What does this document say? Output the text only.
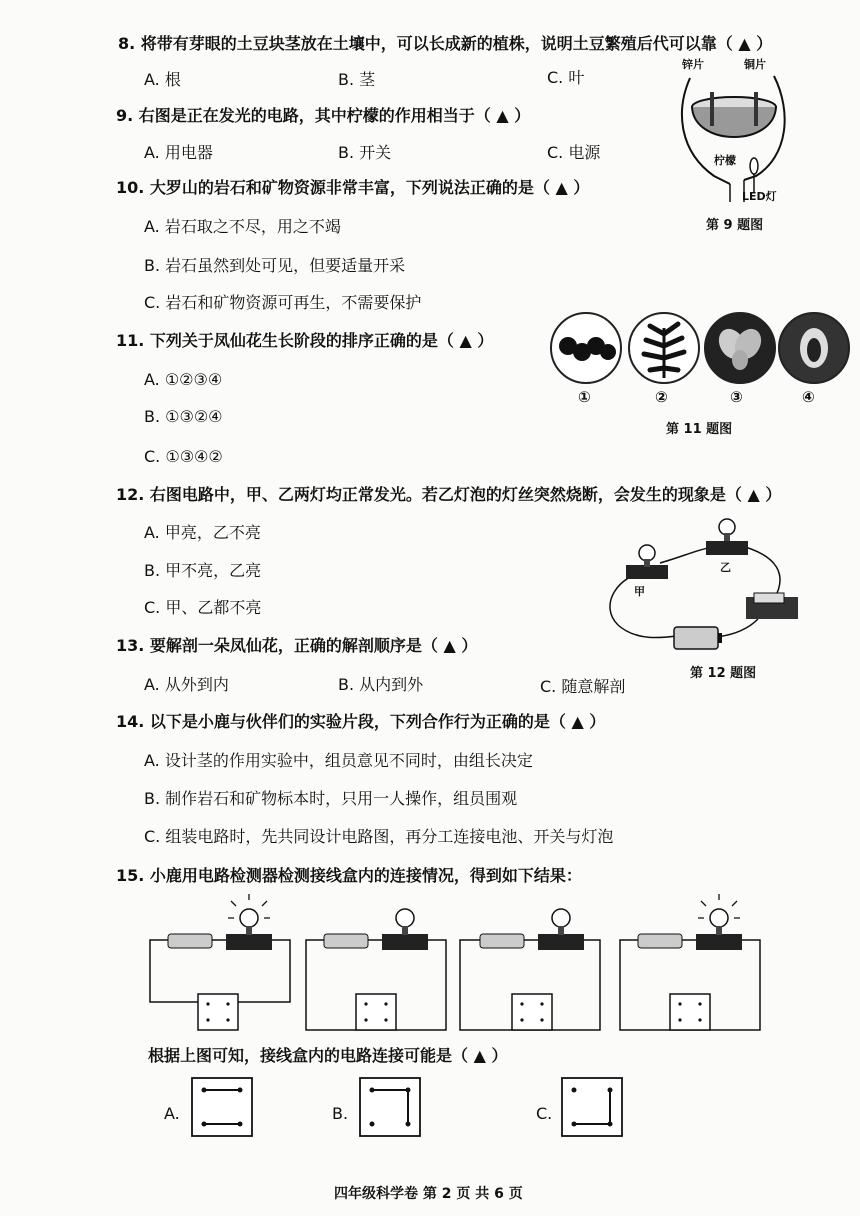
8. 将带有芽眼的土豆块茎放在土壤中，可以长成新的植株，说明土豆繁殖后代可以靠（ ▲ ）
A. 根	B. 茎	C. 叶
9. 右图是正在发光的电路，其中柠檬的作用相当于（ ▲ ）
A. 用电器	B. 开关	C. 电源
锌片	铜片
柠檬
LED灯
第 9 题图
10. 大罗山的岩石和矿物资源非常丰富，下列说法正确的是（ ▲ ）
A. 岩石取之不尽，用之不竭
B. 岩石虽然到处可见，但要适量开采
C. 岩石和矿物资源可再生，不需要保护
11. 下列关于凤仙花生长阶段的排序正确的是（ ▲ ）
A. ①②③④
B. ①③②④
C. ①③④②
①	②	③	④
第 11 题图
12. 右图电路中，甲、乙两灯均正常发光。若乙灯泡的灯丝突然烧断，会发生的现象是（ ▲ ）
A. 甲亮，乙不亮
B. 甲不亮，乙亮
C. 甲、乙都不亮
甲
乙
第 12 题图
13. 要解剖一朵凤仙花，正确的解剖顺序是（ ▲ ）
A. 从外到内	B. 从内到外	C. 随意解剖
14. 以下是小鹿与伙伴们的实验片段，下列合作行为正确的是（ ▲ ）
A. 设计茎的作用实验中，组员意见不同时，由组长决定
B. 制作岩石和矿物标本时，只用一人操作，组员围观
C. 组装电路时，先共同设计电路图，再分工连接电池、开关与灯泡
15. 小鹿用电路检测器检测接线盒内的连接情况，得到如下结果：
根据上图可知，接线盒内的电路连接可能是（ ▲ ）
A.	B.	C.
四年级科学卷 第 2 页 共 6 页
